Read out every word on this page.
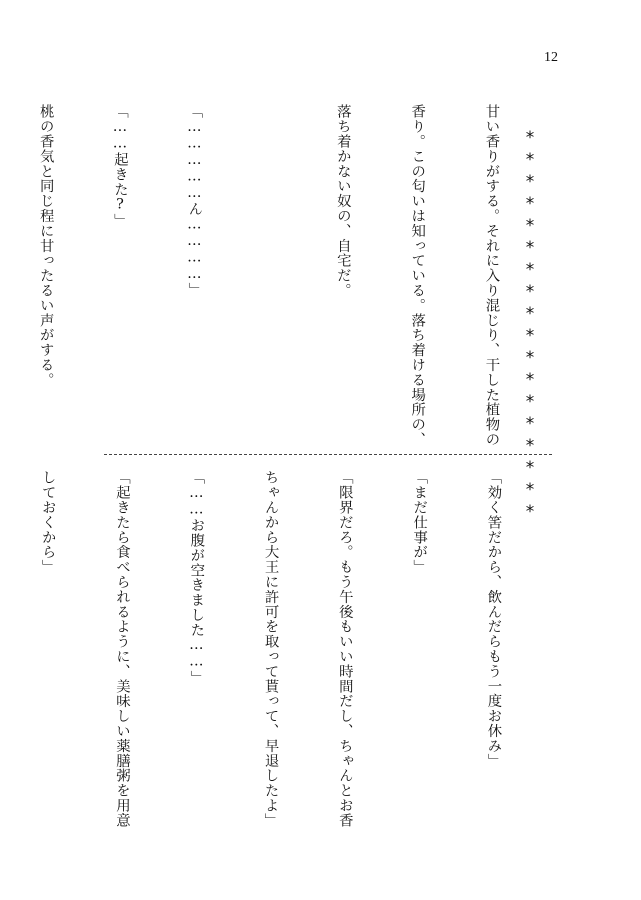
12
******************

甘い香りがする。それに入り混じり、干した植物の

香り。この匂いは知っている。落ち着ける場所の、

落ち着かない奴の、自宅だ。

「……………ん…………」

「……起きた?」

桃の香気と同じ程に甘ったるい声がする。

「効く筈だから、飲んだらもう一度お休み」

「まだ仕事が」

「限界だろ。もう午後もいい時間だし、ちゃんとお香

ちゃんから大王に許可を取って貰って、早退したよ」

「……お腹が空きました……」

「起きたら食べられるように、美味しい薬膳粥を用意

しておくから」
